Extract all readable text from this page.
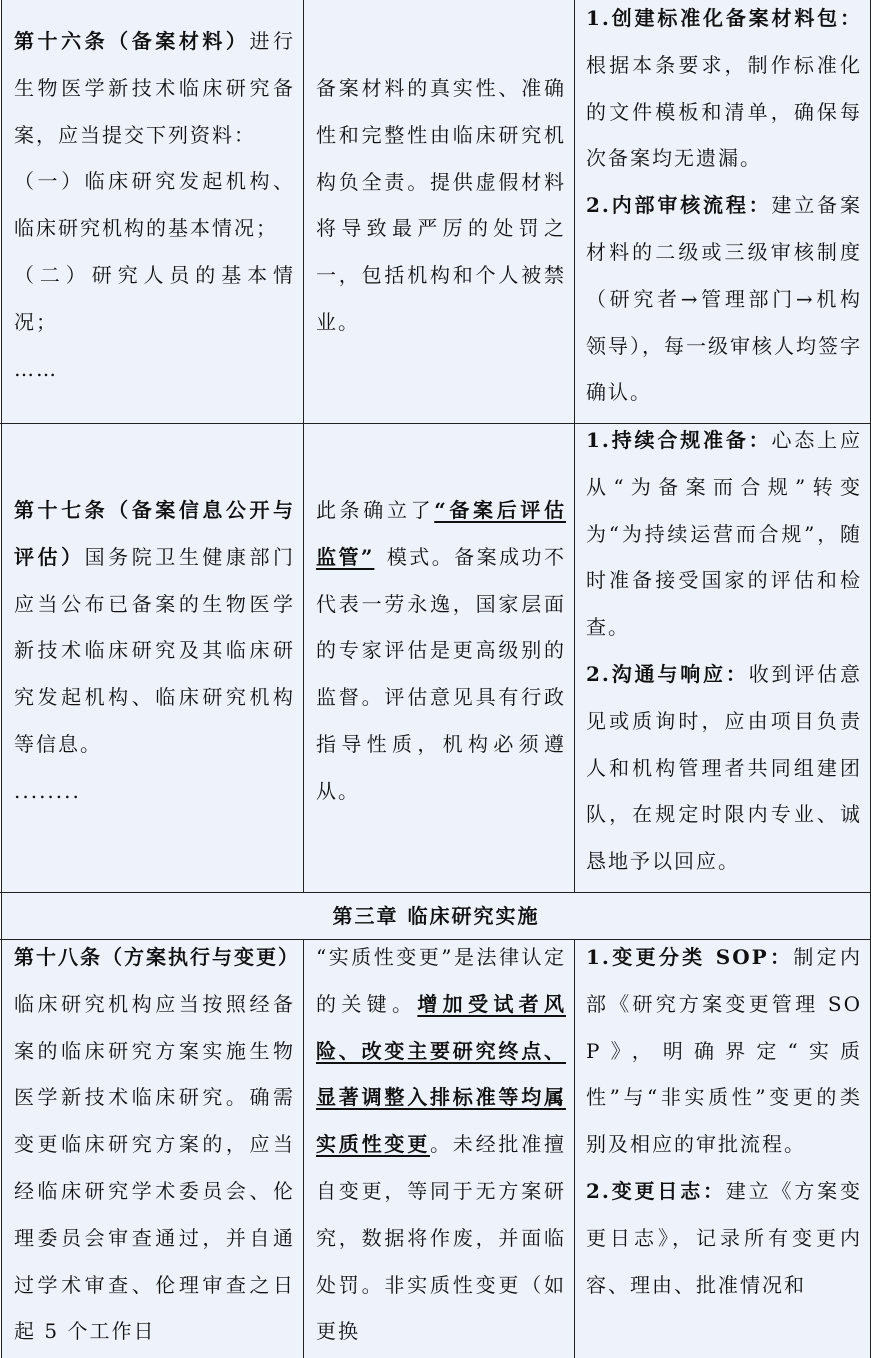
第十六条（备案材料）进行生物医学新技术临床研究备案，应当提交下列资料：
（一）临床研究发起机构、临床研究机构的基本情况；
（二）研究人员的基本情况；
……
备案材料的真实性、准确性和完整性由临床研究机构负全责。提供虚假材料将导致最严厉的处罚之一，包括机构和个人被禁业。
1.创建标准化备案材料包：根据本条要求，制作标准化的文件模板和清单，确保每次备案均无遗漏。
2.内部审核流程：建立备案材料的二级或三级审核制度（研究者→管理部门→机构领导），每一级审核人均签字确认。
第十七条（备案信息公开与评估）国务院卫生健康部门应当公布已备案的生物医学新技术临床研究及其临床研究发起机构、临床研究机构等信息。
........
此条确立了“备案后评估监管” 模式。备案成功不代表一劳永逸，国家层面的专家评估是更高级别的监督。评估意见具有行政指导性质，机构必须遵从。
1.持续合规准备：心态上应从“为备案而合规”转变为“为持续运营而合规”，随时准备接受国家的评估和检查。
2.沟通与响应：收到评估意见或质询时，应由项目负责人和机构管理者共同组建团队，在规定时限内专业、诚恳地予以回应。
第三章 临床研究实施
第十八条（方案执行与变更）临床研究机构应当按照经备案的临床研究方案实施生物医学新技术临床研究。确需变更临床研究方案的，应当经临床研究学术委员会、伦理委员会审查通过，并自通过学术审查、伦理审查之日起 5 个工作日
“实质性变更”是法律认定的关键。增加受试者风险、改变主要研究终点、显著调整入排标准等均属实质性变更。未经批准擅自变更，等同于无方案研究，数据将作废，并面临处罚。非实质性变更（如更换
1.变更分类 SOP：制定内部《研究方案变更管理 SOP》，明确界定“实质性”与“非实质性”变更的类别及相应的审批流程。
2.变更日志：建立《方案变更日志》，记录所有变更内容、理由、批准情况和
